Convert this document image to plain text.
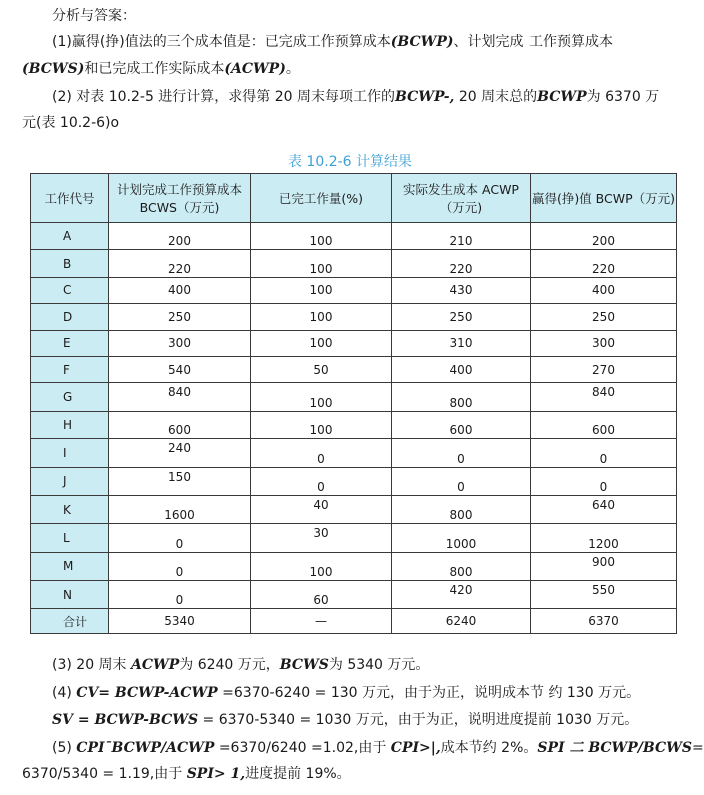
分析与答案：
(1)赢得(挣)值法的三个成本值是：已完成工作预算成本(BCWP)、计划完成 工作预算成本
(BCWS)和已完成工作实际成本(ACWP)。
(2) 对表 10.2-5 进行计算，求得第 20 周末每项工作的BCWP-, 20 周末总的BCWP为 6370 万
元(表 10.2-6)o
表 10.2-6 计算结果
工作代号	计划完成工作预算成本 BCWS（万元)	已完工作量(%)	实际发生成本 ACWP （万元)	赢得(挣)值 BCWP（万元)
A	200	100	210	200
B	220	100	220	220
C	400	100	430	400
D	250	100	250	250
E	300	100	310	300
F	540	50	400	270
G	840	100	800	840
H	600	100	600	600
I	240	0	0	0
J	150	0	0	0
K	1600	40	800	640
L	0	30	1000	1200
M	0	100	800	900
N	0	60	420	550
合计	5340	—	6240	6370
(3) 20 周末 ACWP为 6240 万元，BCWS为 5340 万元。
(4) CV= BCWP-ACWP =6370-6240 = 130 万元，由于为正，说明成本节 约 130 万元。
SV = BCWP-BCWS = 6370-5340 = 1030 万元，由于为正，说明进度提前 1030 万元。
(5) CPIˉBCWP/ACWP =6370/6240 =1.02,由于 CPI>|,成本节约 2%。SPI 二 BCWP/BCWS=
6370/5340 = 1.19,由于 SPI> 1,进度提前 19%。
